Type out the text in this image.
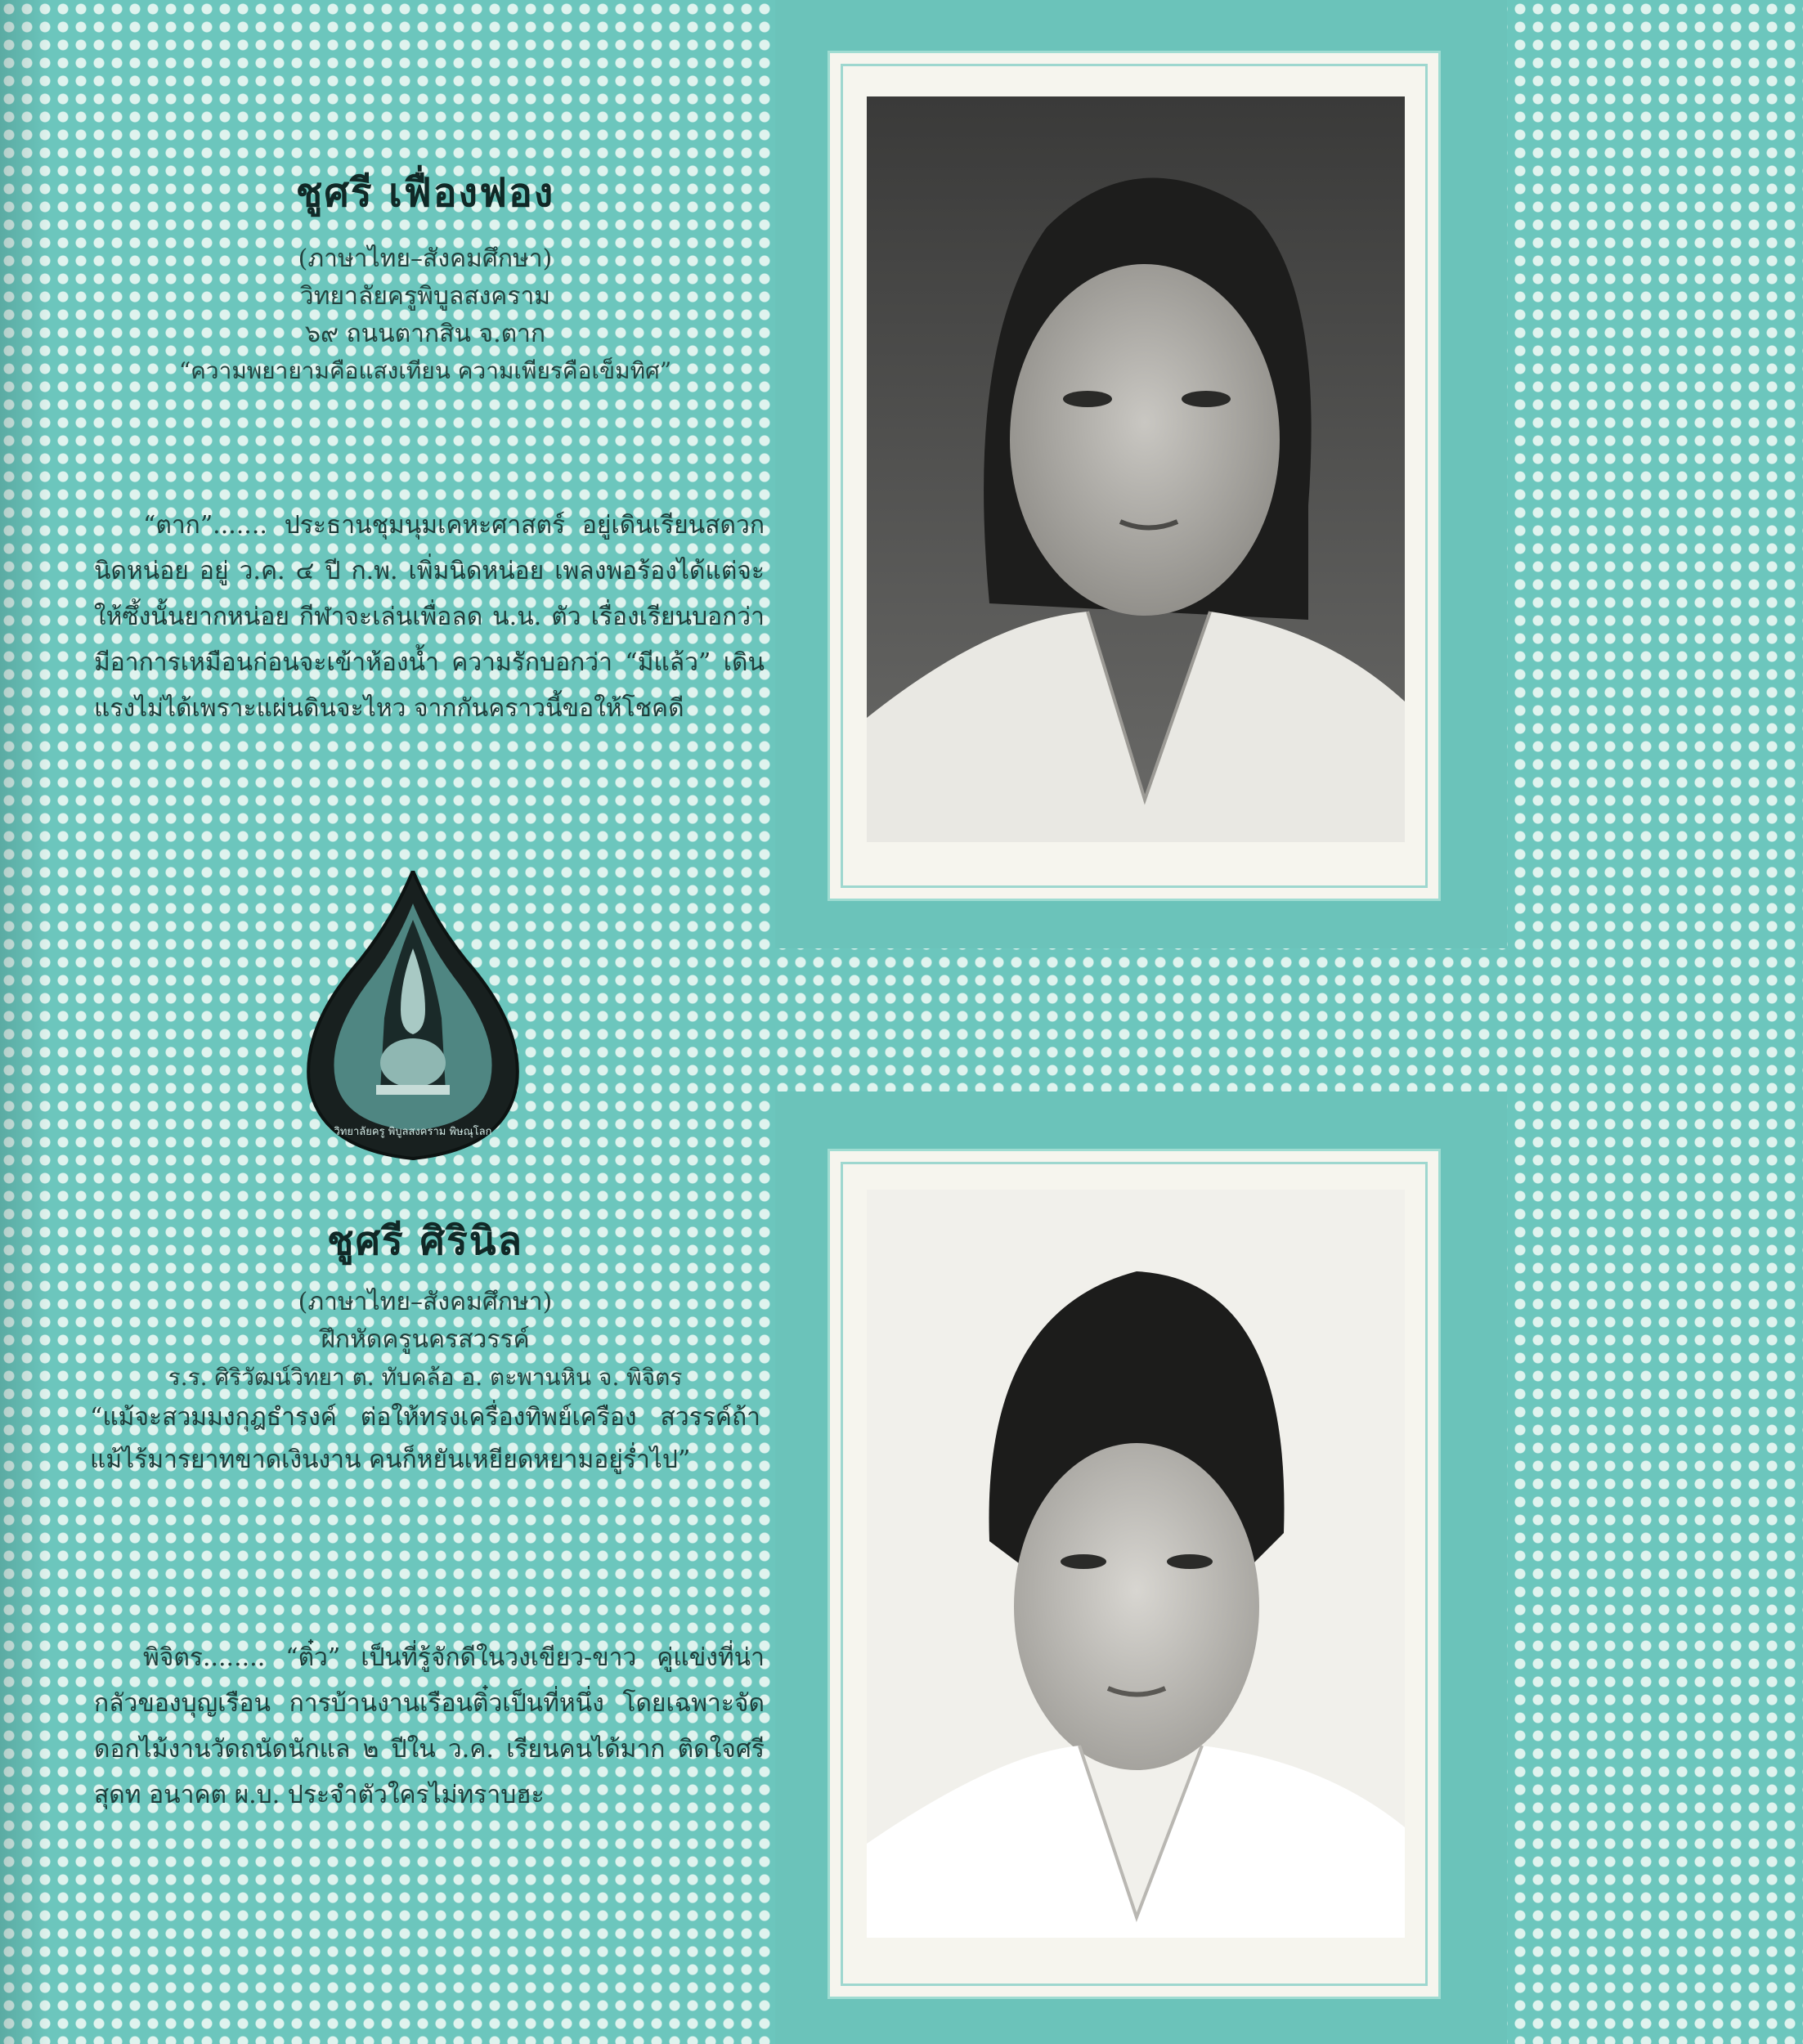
วิทยาลัยครู พิบูลสงคราม พิษณุโลก

ชูศรี เฟื่องฟอง

(ภาษาไทย–สังคมศึกษา)

วิทยาลัยครูพิบูลสงคราม

๖๙ ถนนตากสิน จ.ตาก

“ความพยายามคือแสงเทียน ความเพียรคือเข็มทิศ”

“ตาก”....... ประธานชุมนุมเคหะศาสตร์ อยู่เดินเรียนสดวกนิดหน่อย อยู่ ว.ค. ๔ ปี ก.พ. เพิ่มนิดหน่อย เพลงพอร้องได้แต่จะให้ซึ้งนั้นยากหน่อย กีฬาจะเล่นเพื่อลด น.น. ตัว เรื่องเรียนบอกว่ามีอาการเหมือนก่อนจะเข้าห้องน้ำ ความรักบอกว่า “มีแล้ว” เดินแรงไม่ได้เพราะแผ่นดินจะไหว จากกันคราวนี้ขอให้โชคดี

ชูศรี ศิรินิล

(ภาษาไทย–สังคมศึกษา)

ฝึกหัดครูนครสวรรค์

ร.ร. ศิริวัฒน์วิทยา ต. ทับคล้อ อ. ตะพานหิน จ. พิจิตร

“แม้จะสวมมงกุฎธำรงค์ ต่อให้ทรงเครื่องทิพย์เครือง สวรรค์ถ้าแม้ไร้มารยาทขาดเงินงาน คนก็หยันเหยียดหยามอยู่ร่ำไป”

พิจิตร........ “ติ๋ว” เป็นที่รู้จักดีในวงเขียว-ขาว คู่แข่งที่น่ากลัวของบุญเรือน การบ้านงานเรือนติ๋วเป็นที่หนึ่ง โดยเฉพาะจัดดอกไม้งานวัดถนัดนักแล ๒ ปีใน ว.ค. เรียนคนได้มาก ติดใจศรีสุดท อนาคต ผ.บ. ประจำตัวใครไม่ทราบฮะ
